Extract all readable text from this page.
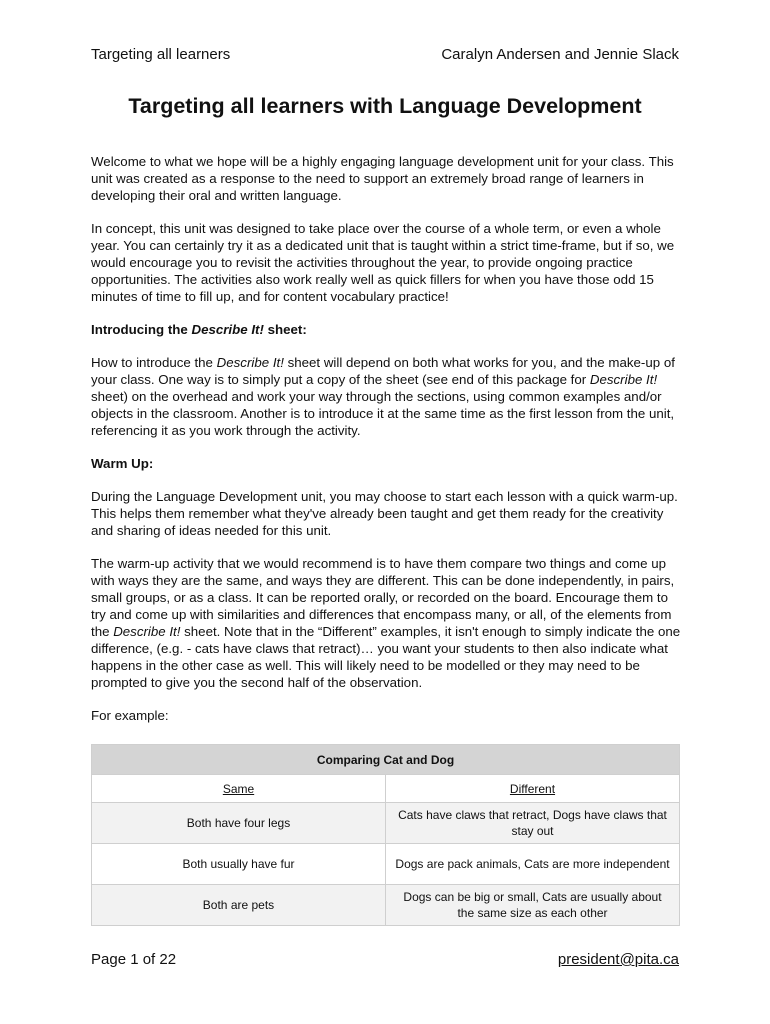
Targeting all learners	Caralyn Andersen and Jennie Slack
Targeting all learners with Language Development

Welcome to what we hope will be a highly engaging language development unit for your class. This unit was created as a response to the need to support an extremely broad range of learners in developing their oral and written language.

In concept, this unit was designed to take place over the course of a whole term, or even a whole year. You can certainly try it as a dedicated unit that is taught within a strict time-frame, but if so, we would encourage you to revisit the activities throughout the year, to provide ongoing practice opportunities. The activities also work really well as quick fillers for when you have those odd 15 minutes of time to fill up, and for content vocabulary practice!

Introducing the Describe It! sheet:

How to introduce the Describe It! sheet will depend on both what works for you, and the make-up of your class. One way is to simply put a copy of the sheet (see end of this package for Describe It! sheet) on the overhead and work your way through the sections, using common examples and/or objects in the classroom. Another is to introduce it at the same time as the first lesson from the unit, referencing it as you work through the activity.

Warm Up:

During the Language Development unit, you may choose to start each lesson with a quick warm-up. This helps them remember what they've already been taught and get them ready for the creativity and sharing of ideas needed for this unit.

The warm-up activity that we would recommend is to have them compare two things and come up with ways they are the same, and ways they are different. This can be done independently, in pairs, small groups, or as a class. It can be reported orally, or recorded on the board. Encourage them to try and come up with similarities and differences that encompass many, or all, of the elements from the Describe It! sheet. Note that in the “Different” examples, it isn't enough to simply indicate the one difference, (e.g. - cats have claws that retract)… you want your students to then also indicate what happens in the other case as well. This will likely need to be modelled or they may need to be prompted to give you the second half of the observation.

For example:

Comparing Cat and Dog	
Same	Different
Both have four legs	Cats have claws that retract, Dogs have claws that stay out
Both usually have fur	Dogs are pack animals, Cats are more independent
Both are pets	Dogs can be big or small, Cats are usually about the same size as each other
Page 1 of 22	president@pita.ca
